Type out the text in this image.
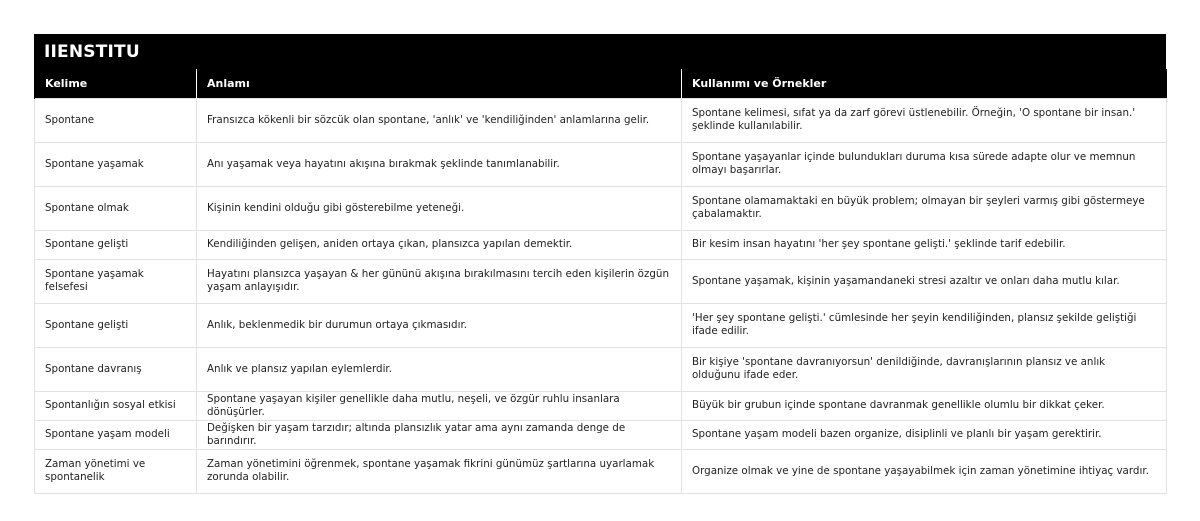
IIENSTITU
Kelime	Anlamı	Kullanımı ve Örnekler
Spontane	Fransızca kökenli bir sözcük olan spontane, 'anlık' ve 'kendiliğinden' anlamlarına gelir.	Spontane kelimesi, sıfat ya da zarf görevi üstlenebilir. Örneğin, 'O spontane bir insan.' şeklinde kullanılabilir.
Spontane yaşamak	Anı yaşamak veya hayatını akışına bırakmak şeklinde tanımlanabilir.	Spontane yaşayanlar içinde bulundukları duruma kısa sürede adapte olur ve memnun olmayı başarırlar.
Spontane olmak	Kişinin kendini olduğu gibi gösterebilme yeteneği.	Spontane olamamaktaki en büyük problem; olmayan bir şeyleri varmış gibi göstermeye çabalamaktır.
Spontane gelişti	Kendiliğinden gelişen, aniden ortaya çıkan, plansızca yapılan demektir.	Bir kesim insan hayatını 'her şey spontane gelişti.' şeklinde tarif edebilir.
Spontane yaşamak felsefesi	Hayatını plansızca yaşayan & her gününü akışına bırakılmasını tercih eden kişilerin özgün yaşam anlayışıdır.	Spontane yaşamak, kişinin yaşamandaneki stresi azaltır ve onları daha mutlu kılar.
Spontane gelişti	Anlık, beklenmedik bir durumun ortaya çıkmasıdır.	'Her şey spontane gelişti.' cümlesinde her şeyin kendiliğinden, plansız şekilde geliştiği ifade edilir.
Spontane davranış	Anlık ve plansız yapılan eylemlerdir.	Bir kişiye 'spontane davranıyorsun' denildiğinde, davranışlarının plansız ve anlık olduğunu ifade eder.
Spontanlığın sosyal etkisi	Spontane yaşayan kişiler genellikle daha mutlu, neşeli, ve özgür ruhlu insanlara dönüşürler.	Büyük bir grubun içinde spontane davranmak genellikle olumlu bir dikkat çeker.
Spontane yaşam modeli	Değişken bir yaşam tarzıdır; altında plansızlık yatar ama aynı zamanda denge de barındırır.	Spontane yaşam modeli bazen organize, disiplinli ve planlı bir yaşam gerektirir.
Zaman yönetimi ve spontanelik	Zaman yönetimini öğrenmek, spontane yaşamak fikrini günümüz şartlarına uyarlamak zorunda olabilir.	Organize olmak ve yine de spontane yaşayabilmek için zaman yönetimine ihtiyaç vardır.
